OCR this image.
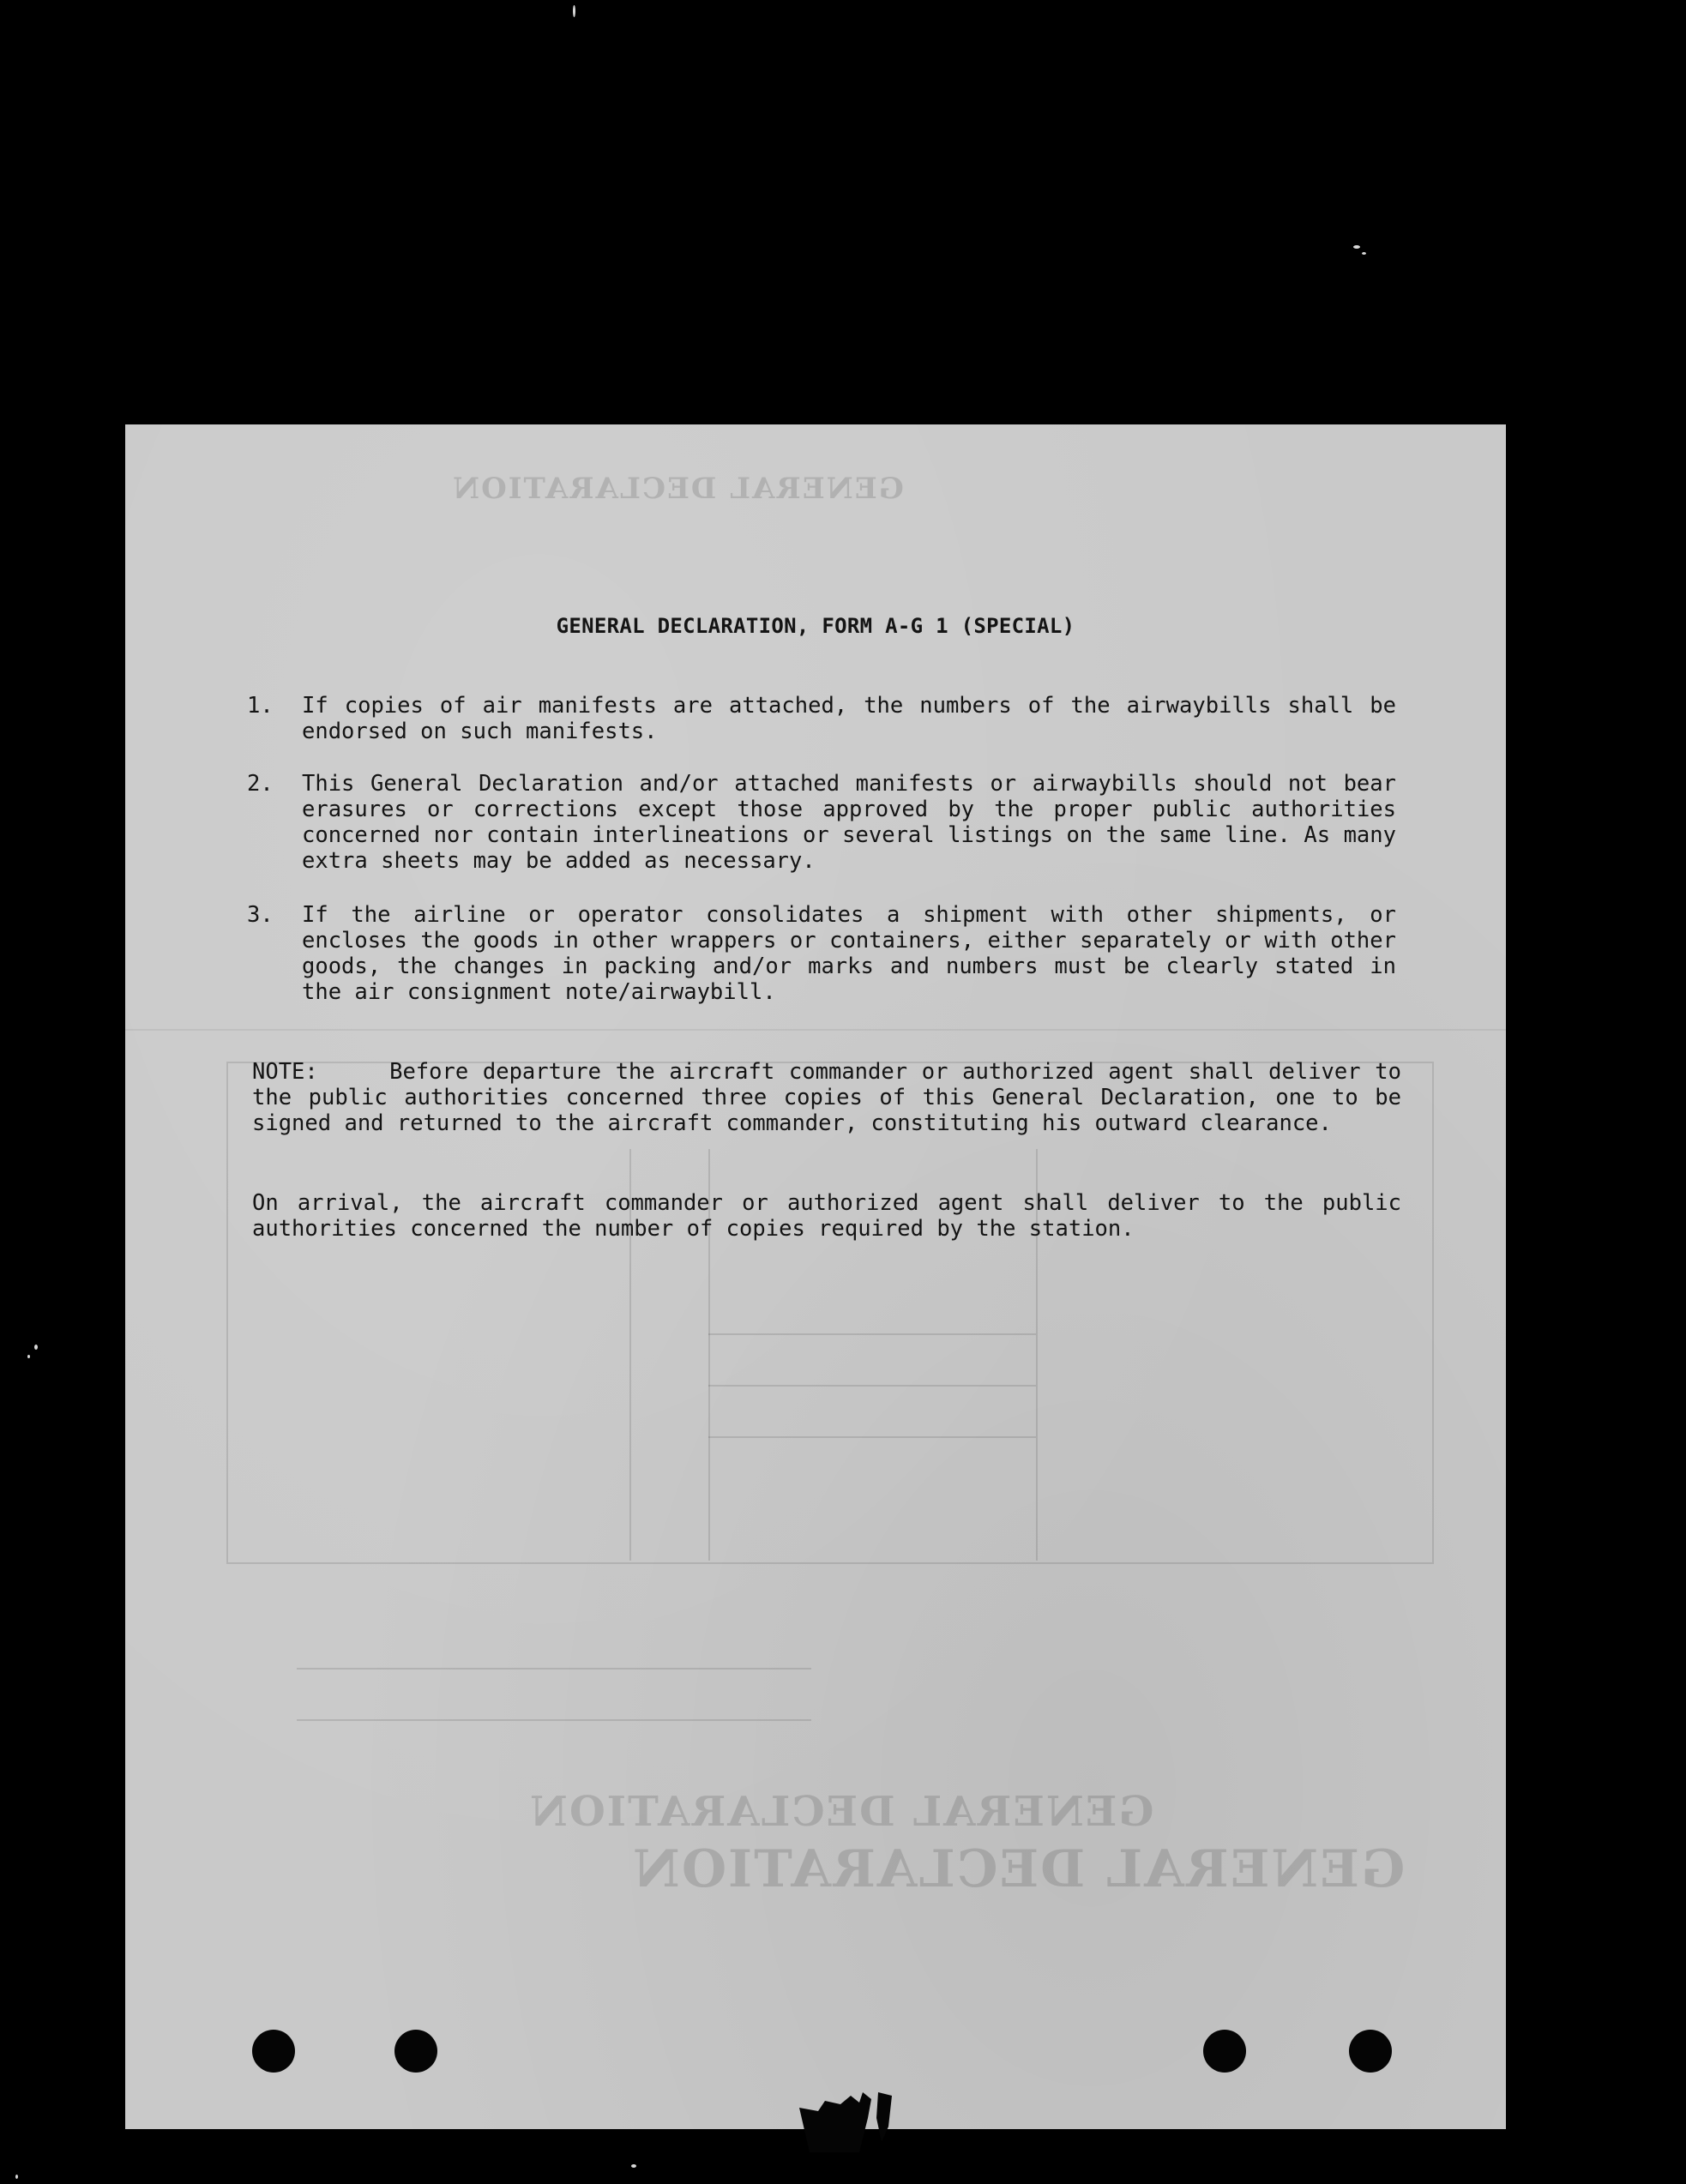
GENERAL DECLARATION
GENERAL DECLARATION
GENERAL DECLARATION
GENERAL DECLARATION, FORM A-G 1 (SPECIAL)
1.	If copies of air manifests are attached, the numbers of the airwaybills shall be endorsed on such manifests.
2.	This General Declaration and/or attached manifests or airwaybills should not bear erasures or corrections except those approved by the proper public authorities concerned nor contain interlineations or several listings on the same line. As many extra sheets may be added as necessary.
3.	If the airline or operator consolidates a shipment with other shipments, or encloses the goods in other wrappers or containers, either separately or with other goods, the changes in packing and/or marks and numbers must be clearly stated in the air consignment note/airwaybill.

NOTE:     Before departure the aircraft commander or authorized agent shall deliver to the public authorities concerned three copies of this General Declaration, one to be signed and returned to the aircraft commander, constituting his outward clearance.

On arrival, the aircraft commander or authorized agent shall deliver to the public authorities concerned the number of copies required by the station.
